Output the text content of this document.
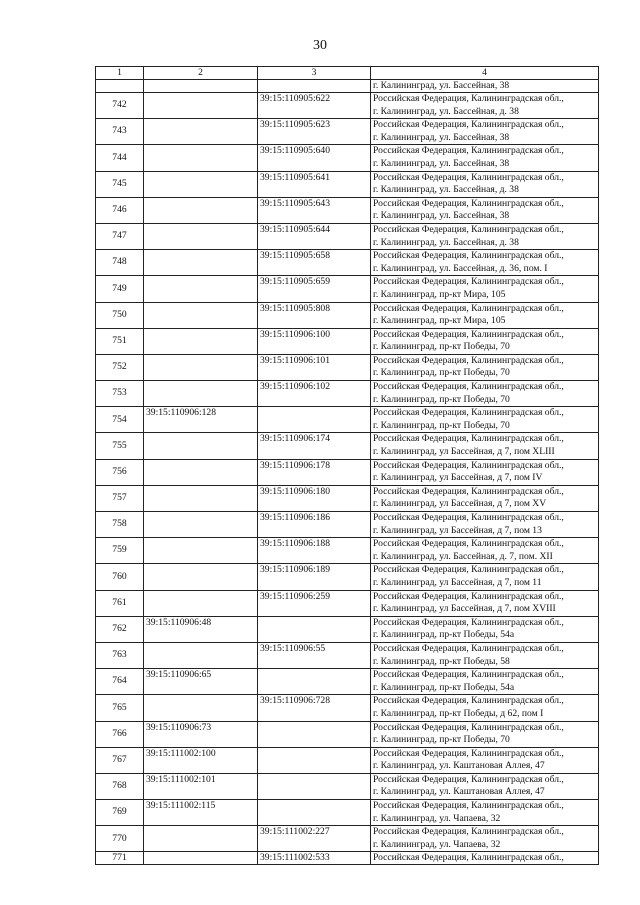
30
1	2	3	4
			г. Калининград, ул. Бассейная, 38
742		39:15:110905:622	Российская Федерация, Калининградская обл.,
г. Калининград, ул. Бассейная, д. 38

743		39:15:110905:623	Российская Федерация, Калининградская обл.,
г. Калининград, ул. Бассейная, 38

744		39:15:110905:640	Российская Федерация, Калининградская обл.,
г. Калининград, ул. Бассейная, 38

745		39:15:110905:641	Российская Федерация, Калининградская обл.,
г. Калининград, ул. Бассейная, д. 38

746		39:15:110905:643	Российская Федерация, Калининградская обл.,
г. Калининград, ул. Бассейная, 38

747		39:15:110905:644	Российская Федерация, Калининградская обл.,
г. Калининград, ул. Бассейная, д. 38

748		39:15:110905:658	Российская Федерация, Калининградская обл.,
г. Калининград, ул. Бассейная, д. 36, пом. I

749		39:15:110905:659	Российская Федерация, Калининградская обл.,
г. Калининград, пр-кт Мира, 105

750		39:15:110905:808	Российская Федерация, Калининградская обл.,
г. Калининград, пр-кт Мира, 105

751		39:15:110906:100	Российская Федерация, Калининградская обл.,
г. Калининград, пр-кт Победы, 70

752		39:15:110906:101	Российская Федерация, Калининградская обл.,
г. Калининград, пр-кт Победы, 70

753		39:15:110906:102	Российская Федерация, Калининградская обл.,
г. Калининград, пр-кт Победы, 70

754	39:15:110906:128		Российская Федерация, Калининградская обл.,
г. Калининград, пр-кт Победы, 70

755		39:15:110906:174	Российская Федерация, Калининградская обл.,
г. Калининград, ул Бассейная, д 7, пом XLIII

756		39:15:110906:178	Российская Федерация, Калининградская обл.,
г. Калининград, ул Бассейная, д 7, пом IV

757		39:15:110906:180	Российская Федерация, Калининградская обл.,
г. Калининград, ул Бассейная, д 7, пом XV

758		39:15:110906:186	Российская Федерация, Калининградская обл.,
г. Калининград, ул Бассейная, д 7, пом 13

759		39:15:110906:188	Российская Федерация, Калининградская обл.,
г. Калининград, ул. Бассейная, д. 7, пом. XII

760		39:15:110906:189	Российская Федерация, Калининградская обл.,
г. Калининград, ул Бассейная, д 7, пом 11

761		39:15:110906:259	Российская Федерация, Калининградская обл.,
г. Калининград, ул Бассейная, д 7, пом XVIII

762	39:15:110906:48		Российская Федерация, Калининградская обл.,
г. Калининград, пр-кт Победы, 54а

763		39:15:110906:55	Российская Федерация, Калининградская обл.,
г. Калининград, пр-кт Победы, 58

764	39:15:110906:65		Российская Федерация, Калининградская обл.,
г. Калининград, пр-кт Победы, 54а

765		39:15:110906:728	Российская Федерация, Калининградская обл.,
г. Калининград, пр-кт Победы, д 62, пом I

766	39:15:110906:73		Российская Федерация, Калининградская обл.,
г. Калининград, пр-кт Победы, 70

767	39:15:111002:100		Российская Федерация, Калининградская обл.,
г. Калининград, ул. Каштановая Аллея, 47

768	39:15:111002:101		Российская Федерация, Калининградская обл.,
г. Калининград, ул. Каштановая Аллея, 47

769	39:15:111002:115		Российская Федерация, Калининградская обл.,
г. Калининград, ул. Чапаева, 32

770		39:15:111002:227	Российская Федерация, Калининградская обл.,
г. Калининград, ул. Чапаева, 32

771		39:15:111002:533	Российская Федерация, Калининградская обл.,
